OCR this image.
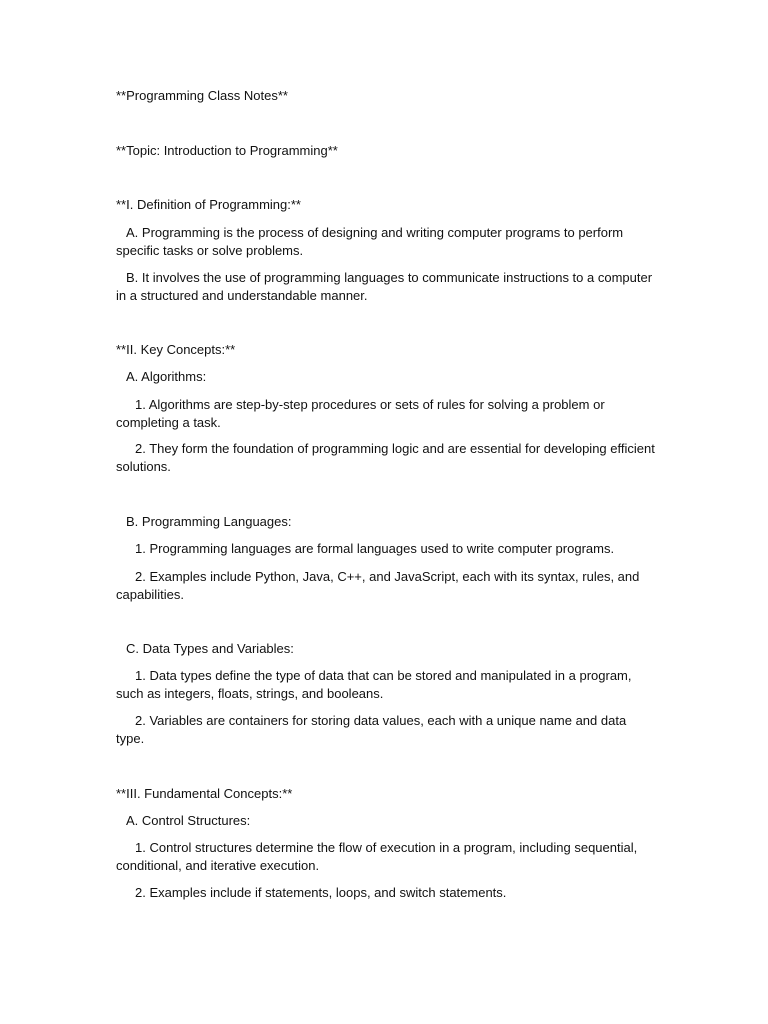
**Programming Class Notes**
**Topic: Introduction to Programming**
**I. Definition of Programming:**
A. Programming is the process of designing and writing computer programs to perform specific tasks or solve problems.
B. It involves the use of programming languages to communicate instructions to a computer in a structured and understandable manner.
**II. Key Concepts:**
A. Algorithms:
1. Algorithms are step-by-step procedures or sets of rules for solving a problem or completing a task.
2. They form the foundation of programming logic and are essential for developing efficient solutions.
B. Programming Languages:
1. Programming languages are formal languages used to write computer programs.
2. Examples include Python, Java, C++, and JavaScript, each with its syntax, rules, and capabilities.
C. Data Types and Variables:
1. Data types define the type of data that can be stored and manipulated in a program, such as integers, floats, strings, and booleans.
2. Variables are containers for storing data values, each with a unique name and data type.
**III. Fundamental Concepts:**
A. Control Structures:
1. Control structures determine the flow of execution in a program, including sequential, conditional, and iterative execution.
2. Examples include if statements, loops, and switch statements.
